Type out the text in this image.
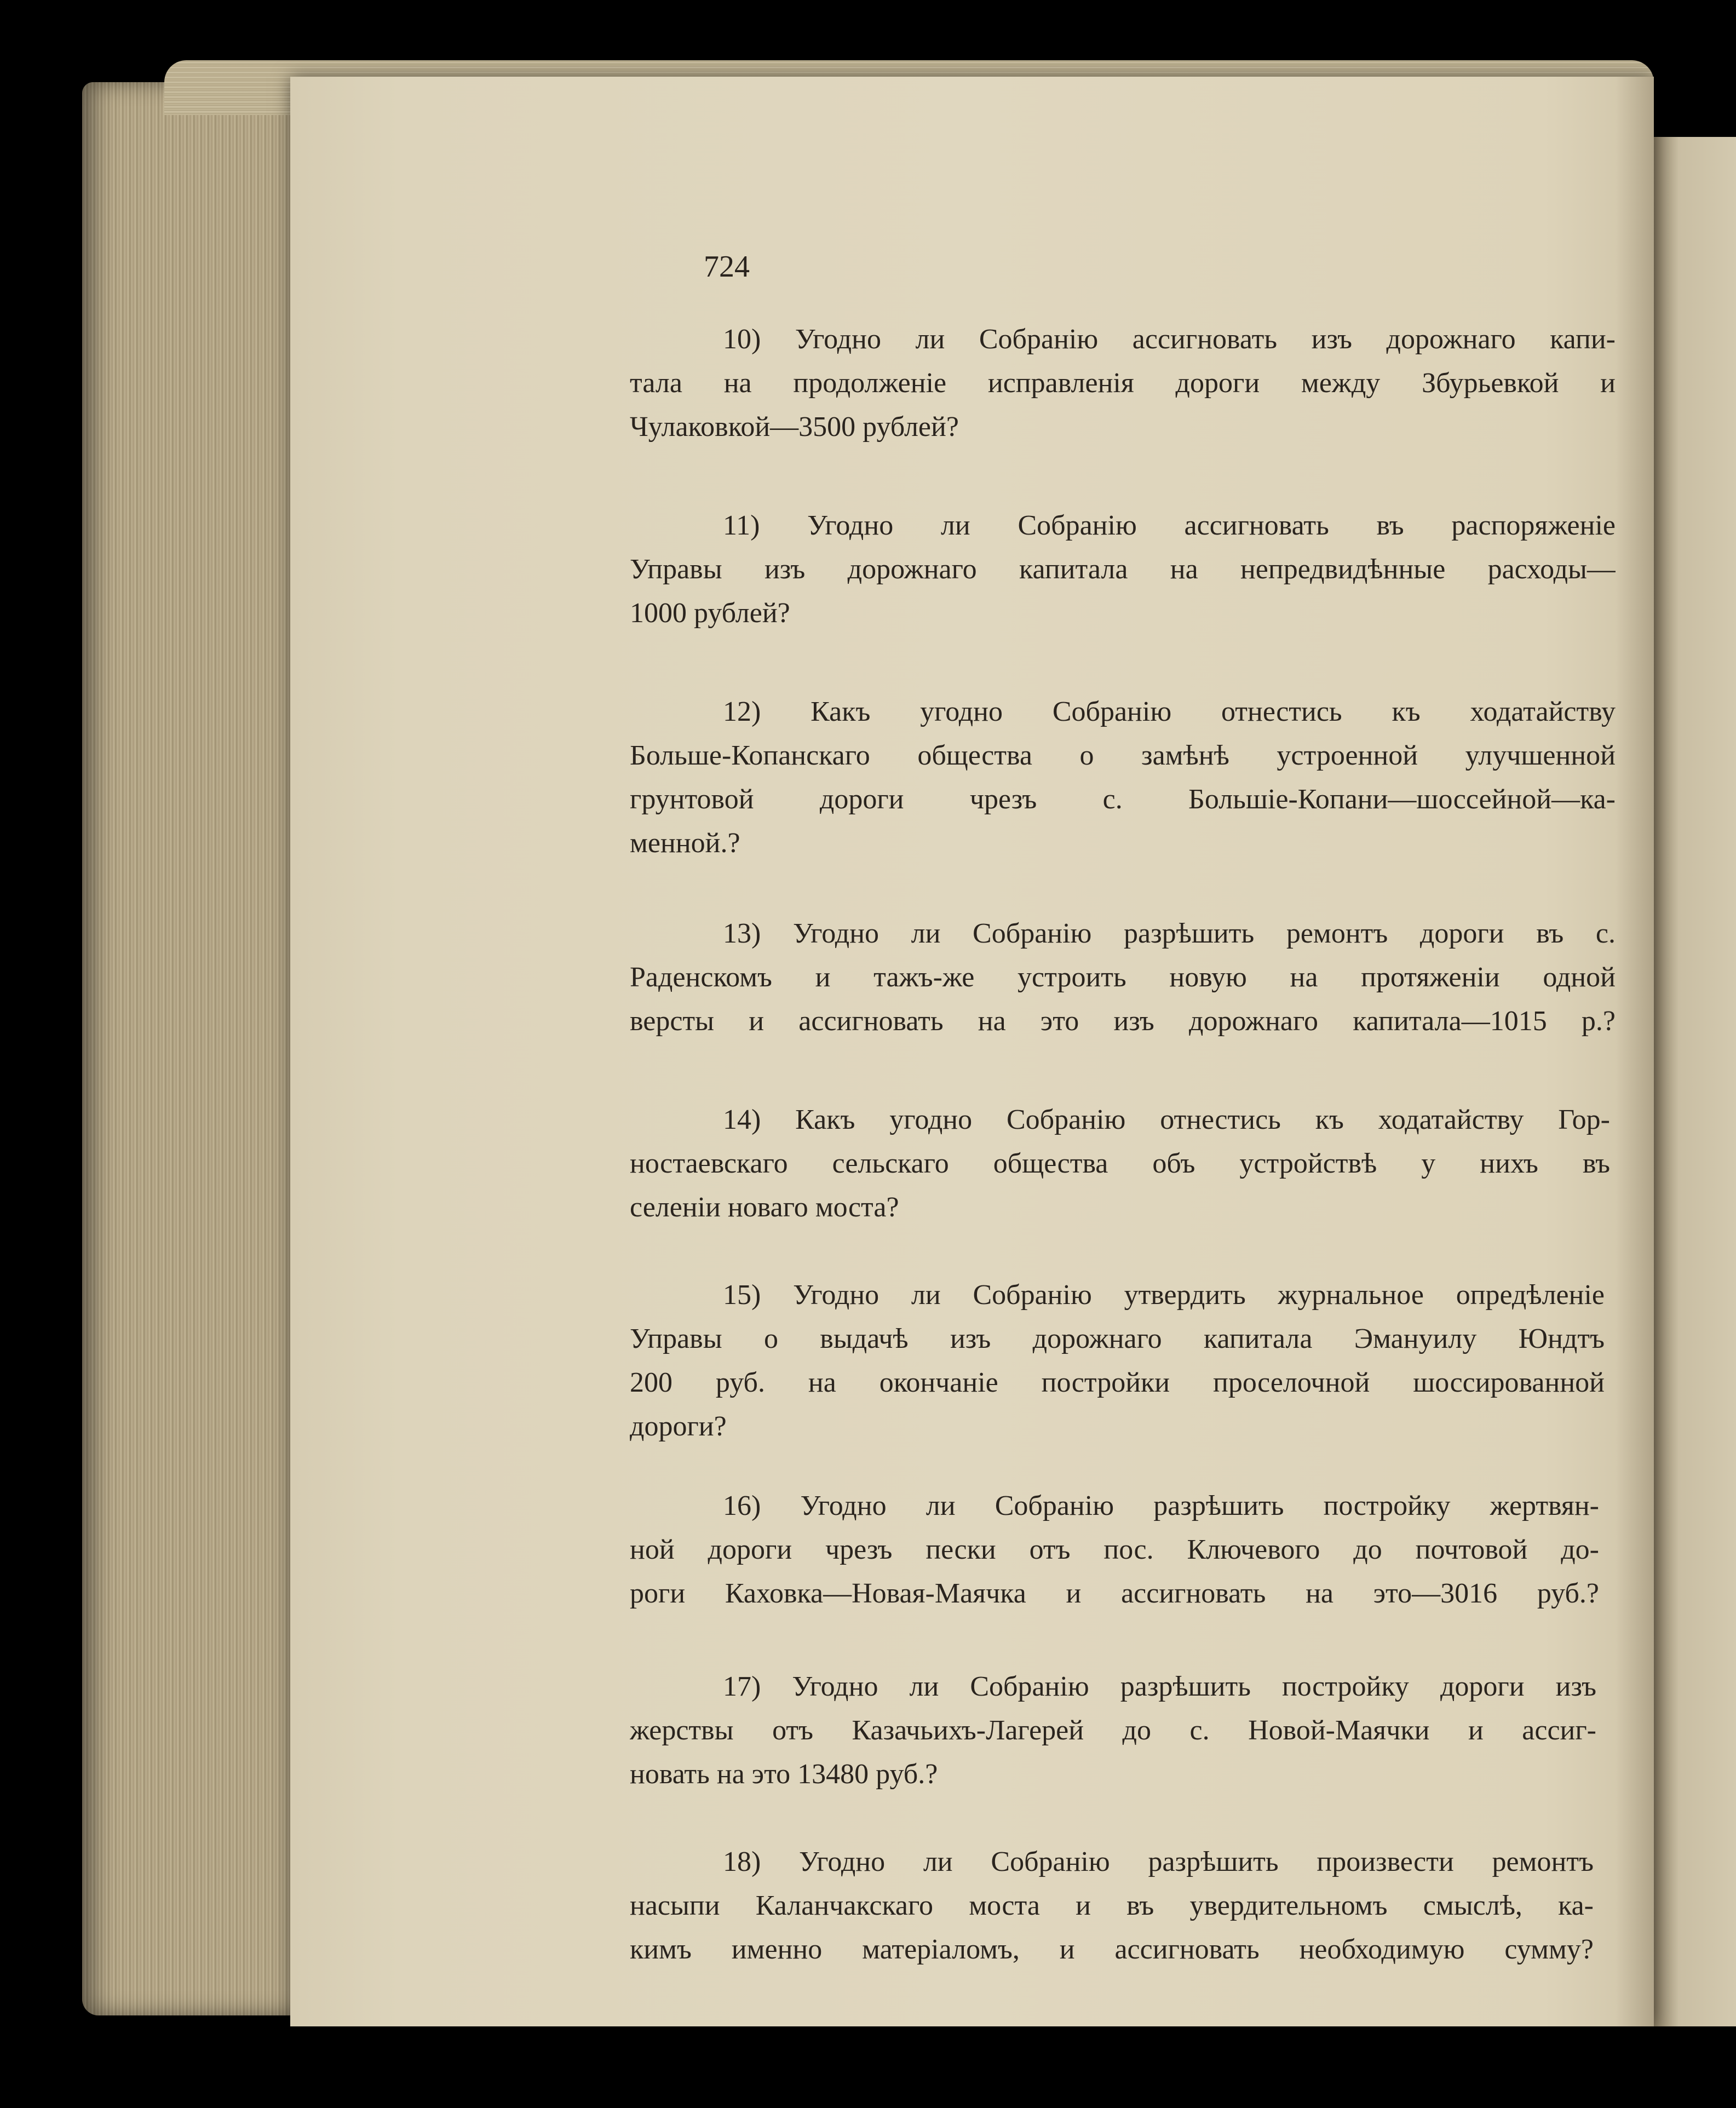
724
10) Угодно ли Собранію ассигновать изъ дорожнаго капи-
тала на продолженіе исправленія дороги между Збурьевкой и
Чулаковкой—3500 рублей?
11) Угодно ли Собранію ассигновать въ распоряженіе
Управы изъ дорожнаго капитала на непредвидѣнные расходы—
1000 рублей?
12) Какъ угодно Собранію отнестись къ ходатайству
Больше-Копанскаго общества о замѣнѣ устроенной улучшенной
грунтовой дороги чрезъ с. Большіе-Копани—шоссейной—ка-
менной.?
13) Угодно ли Собранію разрѣшить ремонтъ дороги въ с.
Раденскомъ и тажъ-же устроить новую на протяженіи одной
версты и ассигновать на это изъ дорожнаго капитала—1015 р.?
14) Какъ угодно Собранію отнестись къ ходатайству Гор-
ностаевскаго сельскаго общества объ устройствѣ у нихъ въ
селеніи новаго моста?
15) Угодно ли Собранію утвердить журнальное опредѣленіе
Управы о выдачѣ изъ дорожнаго капитала Эмануилу Юндтъ
200 руб. на окончаніе постройки проселочной шоссированной
дороги?
16) Угодно ли Собранію разрѣшить постройку жертвян-
ной дороги чрезъ пески отъ пос. Ключевого до почтовой до-
роги Каховка—Новая-Маячка и ассигновать на это—3016 руб.?
17) Угодно ли Собранію разрѣшить постройку дороги изъ
жерствы отъ Казачьихъ-Лагерей до с. Новой-Маячки и ассиг-
новать на это 13480 руб.?
18) Угодно ли Собранію разрѣшить произвести ремонтъ
насыпи Каланчакскаго моста и въ увердительномъ смыслѣ, ка-
кимъ именно матеріаломъ, и ассигновать необходимую сумму?
